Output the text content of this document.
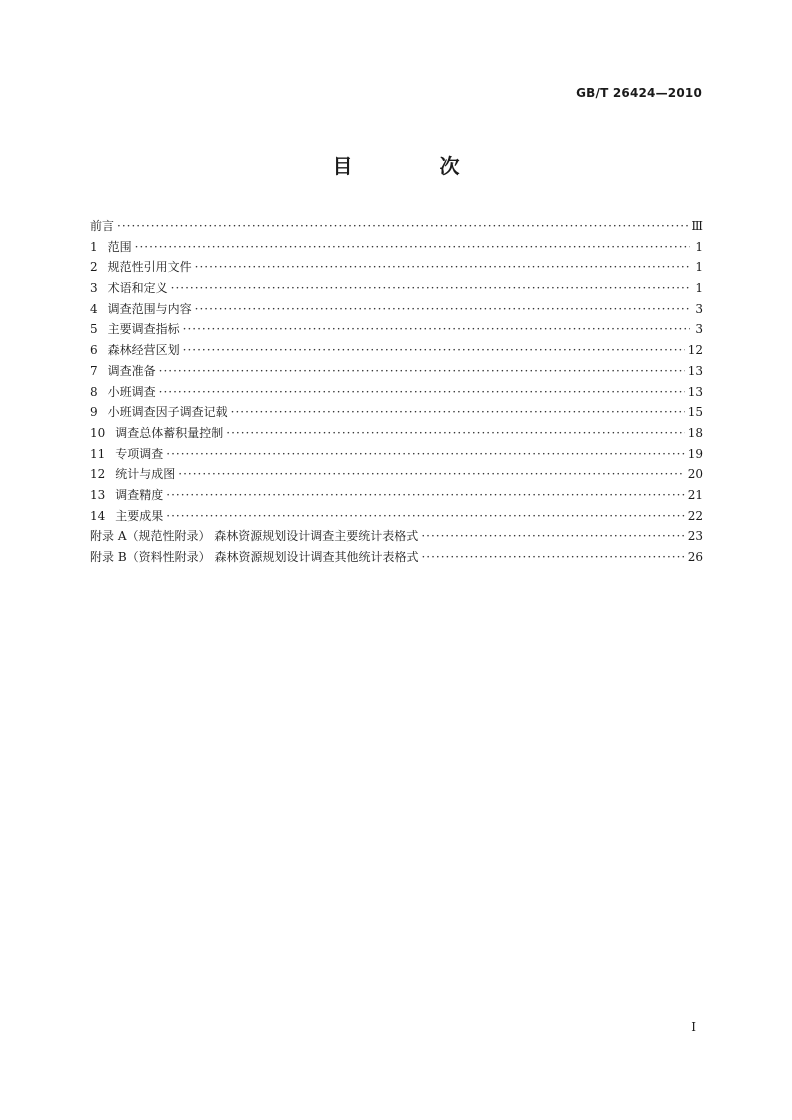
GB/T 26424—2010
目 次
前言 ·····	Ⅲ
1 范围 ·····	1
2 规范性引用文件 ·····	1
3 术语和定义 ·····	1
4 调查范围与内容 ·····	3
5 主要调查指标 ·····	3
6 森林经营区划 ·····	12
7 调查准备 ·····	13
8 小班调查 ·····	13
9 小班调查因子调查记载 ·····	15
10 调查总体蓄积量控制 ·····	18
11 专项调查 ·····	19
12 统计与成图 ·····	20
13 调查精度 ·····	21
14 主要成果 ·····	22
附录 A（规范性附录） 森林资源规划设计调查主要统计表格式 ·····	23
附录 B（资料性附录） 森林资源规划设计调查其他统计表格式 ·····	26
I
